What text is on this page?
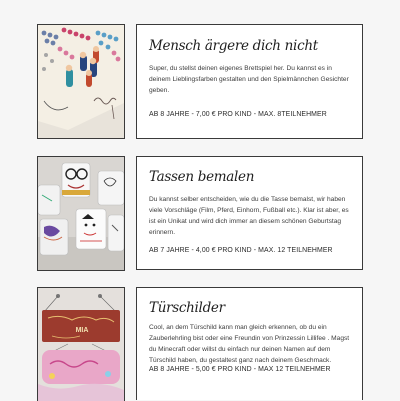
Mensch ärgere dich nicht

Super, du stellst deinen eigenes Brettspiel her. Du kannst es in deinem Lieblingsfarben gestalten und den Spielmännchen Gesichter geben.

AB 8 JAHRE - 7,00 € PRO KIND - MAX. 8TEILNEHMER

Tassen bemalen

Du kannst selber entscheiden, wie du die Tasse bemalst, wir haben viele Vorschläge (Film, Pferd, Einhorn, Fußball etc.). Klar ist aber, es ist ein Unikat und wird dich immer an diesem schönen Geburtstag erinnern.

AB 7 JAHRE - 4,00 € PRO KIND - MAX. 12 TEILNEHMER

MIA

Türschilder

Cool, an dem Türschild kann man gleich erkennen, ob du ein Zauberlehrling bist oder eine Freundin von Prinzessin Lillifee . Magst du Minecraft oder willst du einfach nur deinen Namen auf dem Türschild haben, du gestaltest ganz nach deinem Geschmack.

AB 8 JAHRE - 5,00 € PRO KIND - MAX 12 TEILNEHMER
